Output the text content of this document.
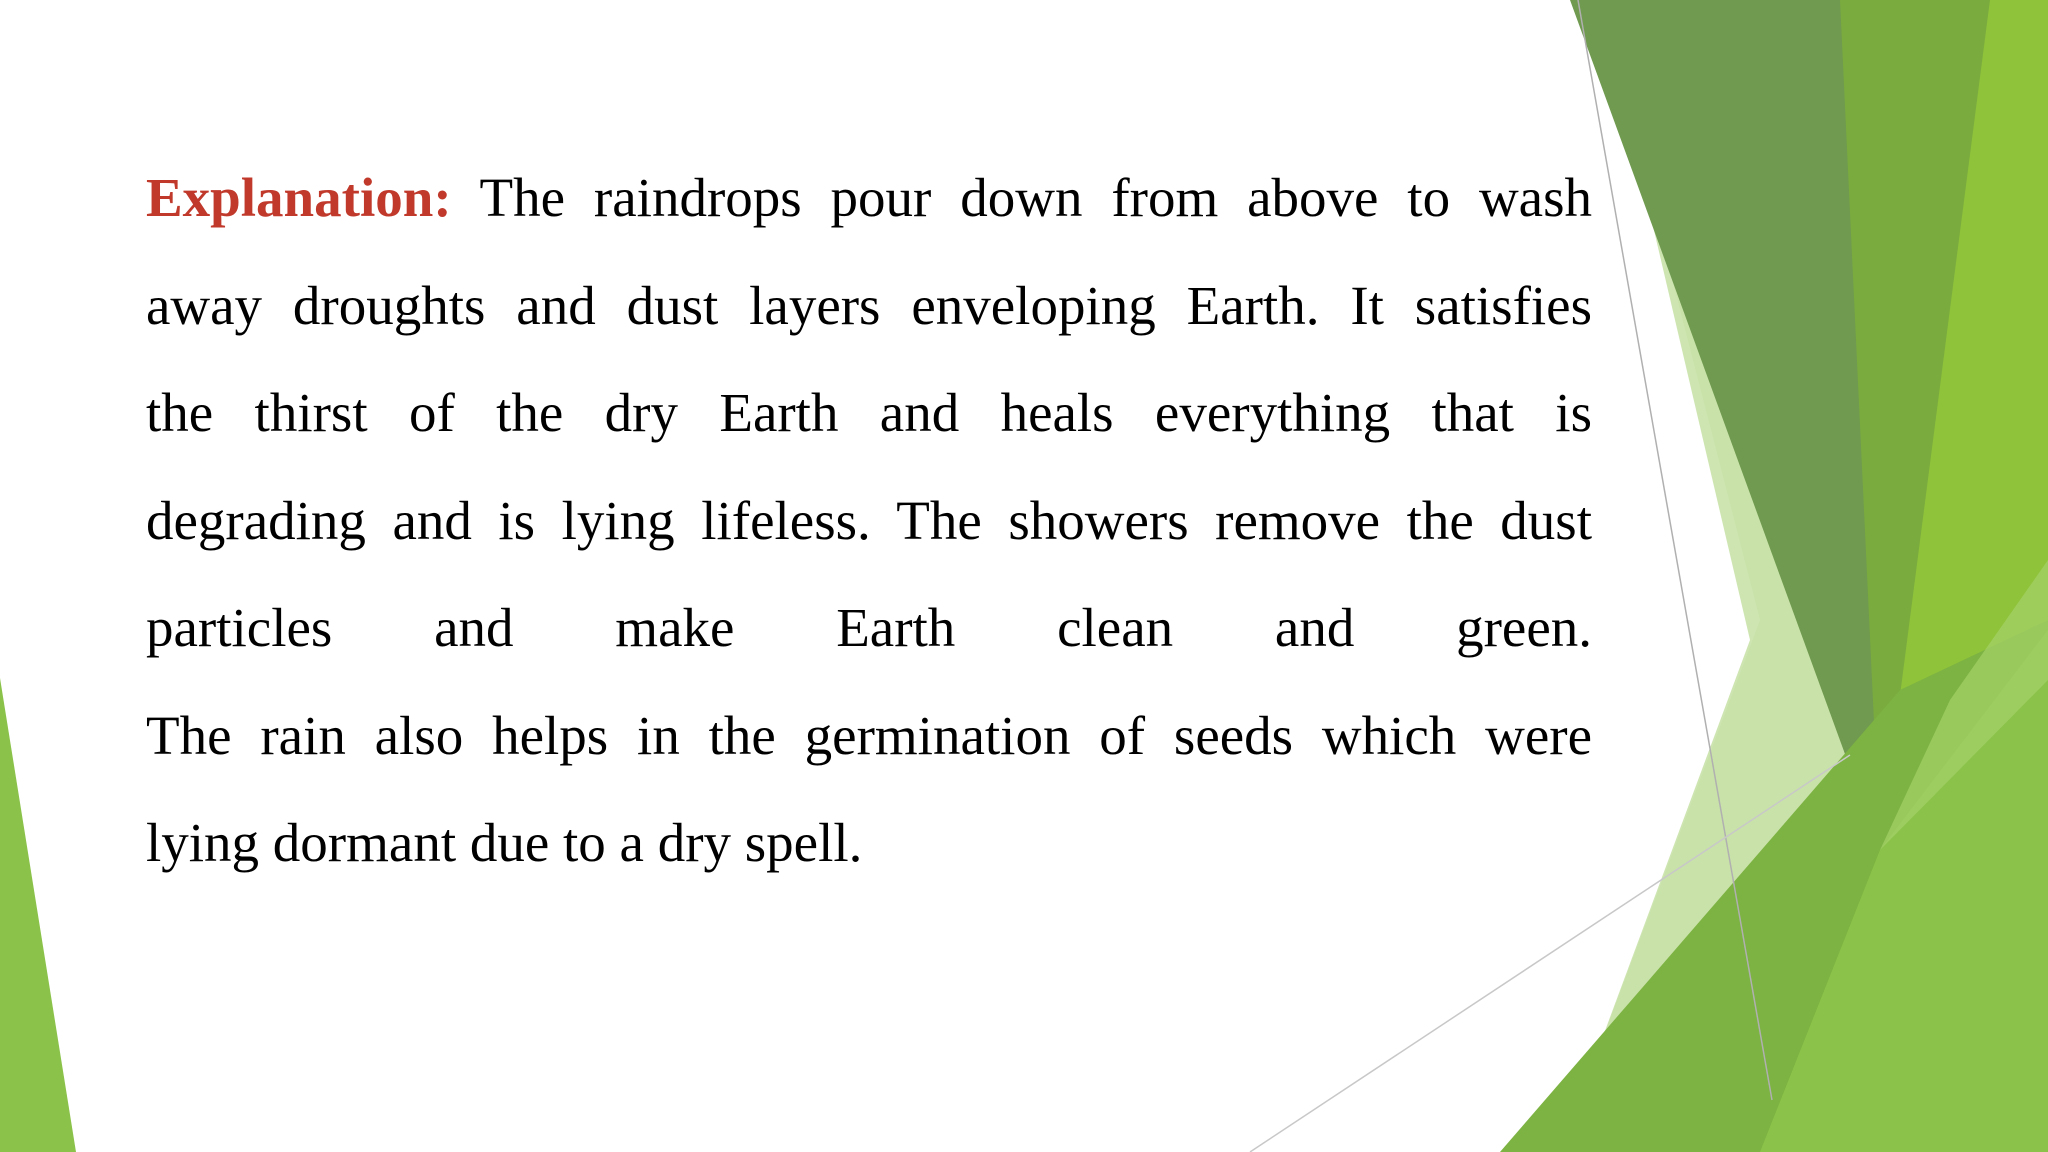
Explanation: The raindrops pour down from above to wash
away droughts and dust layers enveloping Earth. It satisfies
the thirst of the dry Earth and heals everything that is
degrading and is lying lifeless. The showers remove the dust
particles and make Earth clean and green.
The rain also helps in the germination of seeds which were
lying dormant due to a dry spell.
